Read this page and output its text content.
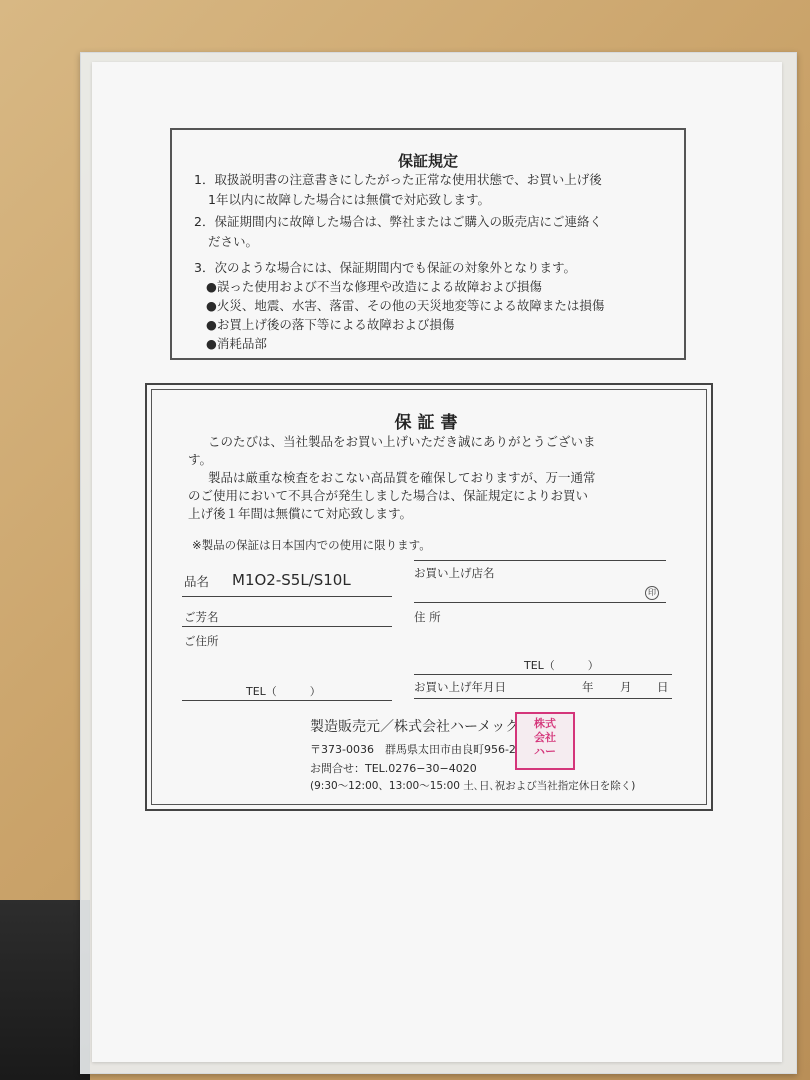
保証規定
1．取扱説明書の注意書きにしたがった正常な使用状態で、お買い上げ後
1年以内に故障した場合には無償で対応致します。
2．保証期間内に故障した場合は、弊社またはご購入の販売店にご連絡く
ださい。
3．次のような場合には、保証期間内でも保証の対象外となります。
●誤った使用および不当な修理や改造による故障および損傷
●火災、地震、水害、落雷、その他の天災地変等による故障または損傷
●お買上げ後の落下等による故障および損傷
●消耗品部
保証書
このたびは、当社製品をお買い上げいただき誠にありがとうございま
す。
製品は厳重な検査をおこない高品質を確保しておりますが、万一通常
のご使用において不具合が発生しました場合は、保証規定によりお買い
上げ後１年間は無償にて対応致します。
※製品の保証は日本国内での使用に限ります。
品名 M1O2-S5L/S10L
ご芳名
ご住所
TEL（　　　）
お買い上げ店名
印
住 所
TEL（　　　）
お買い上げ年月日	年 月 日
製造販売元／株式会社ハーメック
〒373-0036　群馬県太田市由良町956-2
お問合せ：TEL.0276−30−4020
(9:30～12:00、13:00～15:00 土､日､祝および当社指定休日を除く)
株式
会社
ハー
